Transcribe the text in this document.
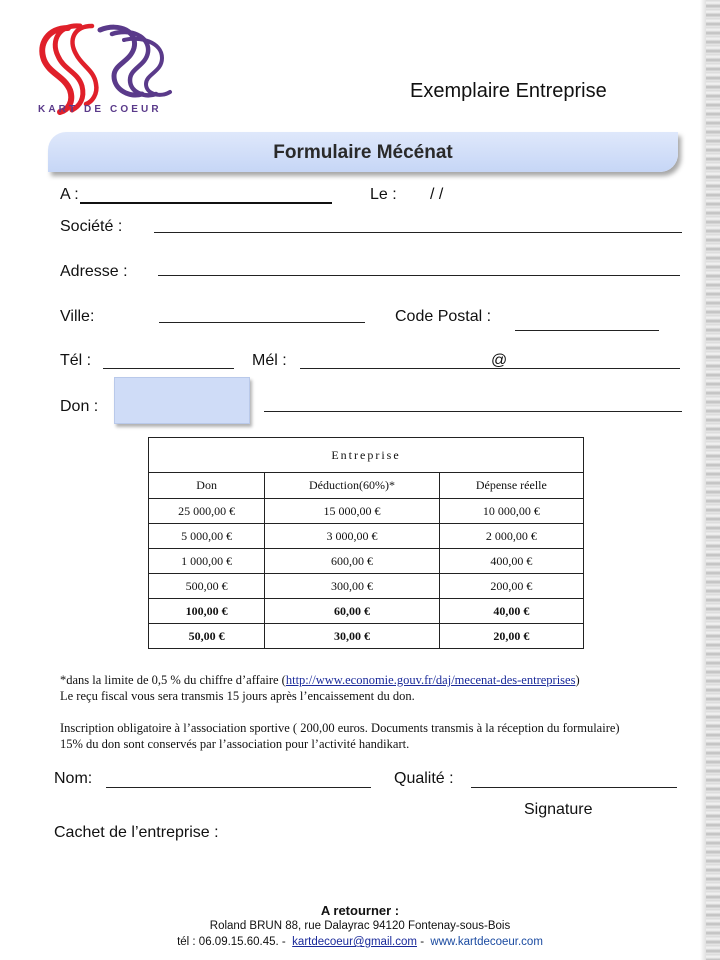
KART DE COEUR
Exemplaire Entreprise
Formulaire Mécénat
A :	Le : / /
Société :
Adresse :
Ville:	Code Postal :
Tél :	Mél :	@
Don :
Entreprise		
Don	Déduction(60%)*	Dépense réelle
25 000,00 €	15 000,00 €	10 000,00 €
5 000,00 €	3 000,00 €	2 000,00 €
1 000,00 €	600,00 €	400,00 €
500,00 €	300,00 €	200,00 €
100,00 €	60,00 €	40,00 €
50,00 €	30,00 €	20,00 €
*dans la limite de 0,5 % du chiffre d’affaire (http://www.economie.gouv.fr/daj/mecenat-des-entreprises)
Le reçu fiscal vous sera transmis 15 jours après l’encaissement du don.
Inscription obligatoire à l’association sportive ( 200,00 euros. Documents transmis à la réception du formulaire)
15% du don sont conservés par l’association pour l’activité handikart.
Nom:	Qualité :
Signature
Cachet de l’entreprise :
A retourner :
Roland BRUN 88, rue Dalayrac 94120 Fontenay-sous-Bois
tél : 06.09.15.60.45. - kartdecoeur@gmail.com - www.kartdecoeur.com
